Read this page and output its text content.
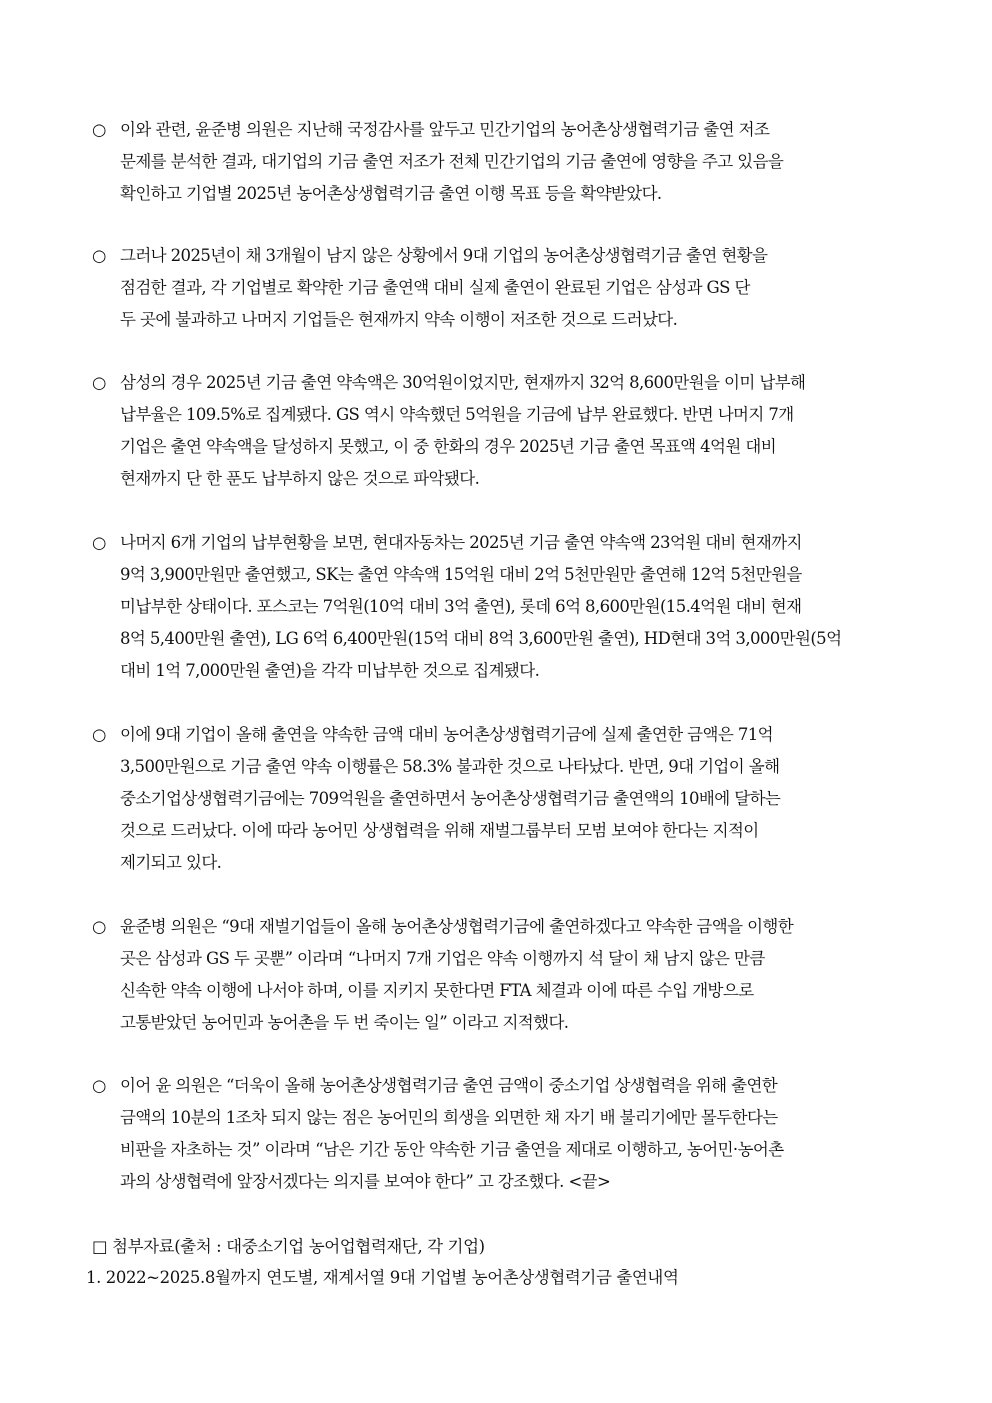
○ 이와 관련, 윤준병 의원은 지난해 국정감사를 앞두고 민간기업의 농어촌상생협력기금 출연 저조
문제를 분석한 결과, 대기업의 기금 출연 저조가 전체 민간기업의 기금 출연에 영향을 주고 있음을
확인하고 기업별 2025년 농어촌상생협력기금 출연 이행 목표 등을 확약받았다.
○ 그러나 2025년이 채 3개월이 남지 않은 상황에서 9대 기업의 농어촌상생협력기금 출연 현황을
점검한 결과, 각 기업별로 확약한 기금 출연액 대비 실제 출연이 완료된 기업은 삼성과 GS 단
두 곳에 불과하고 나머지 기업들은 현재까지 약속 이행이 저조한 것으로 드러났다.
○ 삼성의 경우 2025년 기금 출연 약속액은 30억원이었지만, 현재까지 32억 8,600만원을 이미 납부해
납부율은 109.5%로 집계됐다. GS 역시 약속했던 5억원을 기금에 납부 완료했다. 반면 나머지 7개
기업은 출연 약속액을 달성하지 못했고, 이 중 한화의 경우 2025년 기금 출연 목표액 4억원 대비
현재까지 단 한 푼도 납부하지 않은 것으로 파악됐다.
○ 나머지 6개 기업의 납부현황을 보면, 현대자동차는 2025년 기금 출연 약속액 23억원 대비 현재까지
9억 3,900만원만 출연했고, SK는 출연 약속액 15억원 대비 2억 5천만원만 출연해 12억 5천만원을
미납부한 상태이다. 포스코는 7억원(10억 대비 3억 출연), 롯데 6억 8,600만원(15.4억원 대비 현재
8억 5,400만원 출연), LG 6억 6,400만원(15억 대비 8억 3,600만원 출연), HD현대 3억 3,000만원(5억
대비 1억 7,000만원 출연)을 각각 미납부한 것으로 집계됐다.
○ 이에 9대 기업이 올해 출연을 약속한 금액 대비 농어촌상생협력기금에 실제 출연한 금액은 71억
3,500만원으로 기금 출연 약속 이행률은 58.3% 불과한 것으로 나타났다. 반면, 9대 기업이 올해
중소기업상생협력기금에는 709억원을 출연하면서 농어촌상생협력기금 출연액의 10배에 달하는
것으로 드러났다. 이에 따라 농어민 상생협력을 위해 재벌그룹부터 모범 보여야 한다는 지적이
제기되고 있다.
○ 윤준병 의원은 “9대 재벌기업들이 올해 농어촌상생협력기금에 출연하겠다고 약속한 금액을 이행한
곳은 삼성과 GS 두 곳뿐” 이라며 “나머지 7개 기업은 약속 이행까지 석 달이 채 남지 않은 만큼
신속한 약속 이행에 나서야 하며, 이를 지키지 못한다면 FTA 체결과 이에 따른 수입 개방으로
고통받았던 농어민과 농어촌을 두 번 죽이는 일” 이라고 지적했다.
○ 이어 윤 의원은 “더욱이 올해 농어촌상생협력기금 출연 금액이 중소기업 상생협력을 위해 출연한
금액의 10분의 1조차 되지 않는 점은 농어민의 희생을 외면한 채 자기 배 불리기에만 몰두한다는
비판을 자초하는 것” 이라며 “남은 기간 동안 약속한 기금 출연을 제대로 이행하고, 농어민·농어촌
과의 상생협력에 앞장서겠다는 의지를 보여야 한다” 고 강조했다. <끝>
□ 첨부자료(출처 : 대중소기업 농어업협력재단, 각 기업)
1. 2022~2025.8월까지 연도별, 재계서열 9대 기업별 농어촌상생협력기금 출연내역
